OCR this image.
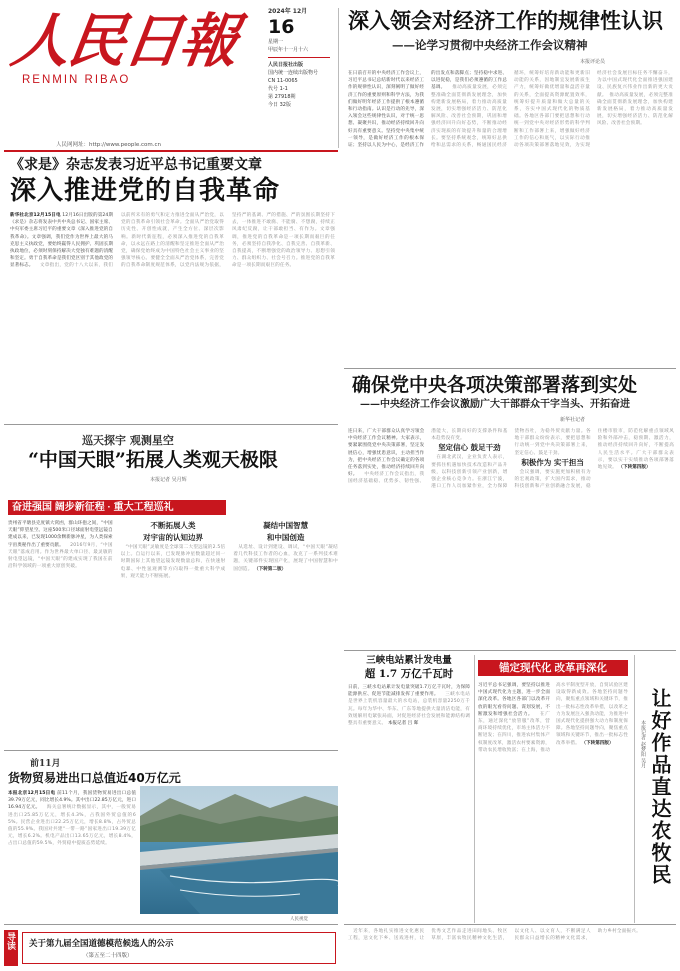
人民日報
RENMIN RIBAO
人民网网址：http://www.people.com.cn
2024年 12月
16
星期一
甲辰年十一月十六
人民日报社出版
国内统一连续出版物号
CN 11-0065
代号 1-1
第 27918期
今日 32版
深入领会对经济工作的规律性认识
——论学习贯彻中央经济工作会议精神
本报评论员
在日前召开的中央经济工作会议上，习近平总书记总结新时代以来经济工作的规律性认识，深刻阐明了做好经济工作的重要原则和科学方法，为我们做好明年经济工作提供了根本遵循和行动指南。认识是行动的先导，深入领会这些规律性认识，对于统一思想、凝聚共识，推动经济持续回升向好具有重要意义。坚持党中央集中统一领导，是做好经济工作的根本保证；坚持以人民为中心，是经济工作的出发点和落脚点；坚持稳中求进、以进促稳，是我们必须遵循的工作总基调。 　推动高质量发展，必须完整准确全面贯彻新发展理念，加快构建新发展格局，着力推动高质量发展，切实增强经济活力、防范化解风险、改善社会预期，巩固和增强经济回升向好态势，不断推动经济实现质的有效提升和量的合理增长。要坚持系统观念，统筹好总供给和总需求的关系，畅通国民经济循环，统筹好培育新动能和更新旧动能的关系，因地制宜发展新质生产力，统筹好做优增量和盘活存量的关系，全面提高资源配置效率，统筹好提升质量和做大总量的关系，夯实中国式现代化的物质基础。各地区各部门要把思想和行动统一到党中央对经济形势的科学判断和工作部署上来，增强做好经济工作的信心和底气，以实际行动推动各项决策部署落地见效，为实现经济社会发展目标任务不懈奋斗，为以中国式现代化全面推进强国建设、民族复兴伟业作出新的更大贡献。　推动高质量发展，必须完整准确全面贯彻新发展理念，加快构建新发展格局，着力推动高质量发展，切实增强经济活力、防范化解风险、改善社会预期。
《求是》杂志发表习近平总书记重要文章
深入推进党的自我革命
新华社北京12月15日电 12月16日出版的第24期《求是》杂志将发表中共中央总书记、国家主席、中央军委主席习近平的重要文章《深入推进党的自我革命》。文章强调，我们党作为世界上最大的马克思主义执政党，要始终赢得人民拥护、巩固长期执政地位，必须时刻保持解决大党独有难题的清醒和坚定。勇于自我革命是我们党区别于其他政党的显著标志。 　文章指出，党的十八大以来，我们以前所未有的勇气和定力推进全面从严治党，以党的自我革命引领社会革命。全面从严治党取得历史性、开创性成就，产生全方位、深层次影响。新时代新征程，必须深入推进党的自我革命，以永远在路上的清醒和坚定推进全面从严治党，确保党始终成为中国特色社会主义事业的坚强领导核心。要健全全面从严治党体系，完善党的自我革命制度规范体系，以党内法规为依据，坚持严的基调、严的措施、严的氛围长期坚持下去，一体推进不敢腐、不能腐、不想腐，持续正风肃纪反腐，让干部敢担当、有作为。文章强调，推进党的自我革命是一项长期而艰巨的任务，必须坚持自我净化、自我完善、自我革新、自我提高，不断增强党的政治领导力、思想引领力、群众组织力、社会号召力。推进党的自我革命是一项长期而艰巨的任务。
巡天探宇 观测星空
“中国天眼”拓展人类观天极限
本报记者 吴月辉
奋进强国 阔步新征程 · 重大工程巡礼
贵州省平塘县克度镇大窝凼，群山环抱之间，“中国天眼”仰望星空。这座500米口径球面射电望远镜自建成以来，已发现1000余颗新脉冲星，为人类探索宇宙奥秘作出了重要贡献。 　2016年9月，“中国天眼”落成启用。作为世界最大单口径、最灵敏的射电望远镜，“中国天眼”的建成实现了我国在前沿科学领域的一项重大原创突破。
不断拓展人类
对宇宙的认知边界
　“中国天眼”灵敏度是全球第二大望远镜的2.5倍以上。自运行以来，已发现脉冲星数量超过同一时期国际上其他望远镜发现数量总和，在快速射电暴、中性氢观测等方向取得一批重大科学成果，观天能力不断拓展。
凝结中国智慧
和中国创造
　从选址、设计到建设、调试，“中国天眼”凝结着几代科技工作者的心血，攻克了一系列技术难题，关键部件实现国产化，展现了中国智慧和中国创造。 （下转第二版）
前11月
货物贸易进出口总值近40万亿元
本报北京12月15日电 前11个月，我国货物贸易进出口总值39.79万亿元，同比增长4.9%。其中出口22.85万亿元，进口16.94万亿元。 　海关总署统计数据显示，其中，一般贸易进出口25.85万亿元，增长4.3%，占我国外贸总值的65%。民营企业进出口22.25万亿元，增长8.8%，占外贸总值的55.9%。我国对共建“一带一路”国家进出口19.39万亿元，增长6.2%。机电产品出口13.65万亿元，增长8.4%，占出口总值的59.5%，外贸稳中提质态势延续。
人民视觉
导读	关于第九届全国道德模范候选人的公示
（第五至二十四版）
确保党中央各项决策部署落到实处
——中央经济工作会议激励广大干部群众干字当头、开拓奋进
新华社记者
连日来，广大干部群众认真学习领会中央经济工作会议精神。大家表示，要紧紧围绕党中央决策部署，坚定发展信心，增强忧患意识，主动担当作为，把中央经济工作会议确定的各项任务落到实处，推动经济持续回升向好。 　中央经济工作会议指出，我国经济基础稳、优势多、韧性强、潜能大，长期向好的支撑条件和基本趋势没有变。
坚定信心 鼓足干劲
　在湖北武汉，企业负责人表示，要抓住机遇加快技术改造和产品升级，以科技创新引领产业创新，增强企业核心竞争力。在浙江宁波，港口工作人员加紧作业，全力保障货物吞吐，为稳外贸贡献力量。各地干部群众纷纷表示，要把思想和行动统一到党中央决策部署上来，坚定信心、鼓足干劲。
积极作为 实干担当
　会议强调，要实施更加积极有为的宏观政策，扩大国内需求，推动科技创新和产业创新融合发展，稳住楼市股市，防范化解重点领域风险和外部冲击，稳预期、激活力，推动经济持续回升向好，不断提高人民生活水平。广大干部群众表示，要以实干实绩推动各项部署落地见效。 （下转第四版）
三峡电站累计发电量
超 1.7 万亿千瓦时
日前，三峡水电站累计发电量突破1.7万亿千瓦时，为保障能源供应、促进节能减排发挥了重要作用。 　三峡水电站是世界上装机容量最大的水电站，总装机容量2250万千瓦。每年为华中、华东、广东等地提供大量清洁电能，有效缓解用电紧张局面，对促进经济社会发展和能源结构调整具有重要意义。 本报记者 吕 晖
锚定现代化 改革再深化
习近平总书记强调，要坚持以推进中国式现代化为主题，进一步全面深化改革。各地区各部门以改革开放的眼光看待问题、谋划发展，不断激发和增强社会活力。 　在广东，通过深化“放管服”改革，营商环境持续优化，市场主体活力不断迸发；在四川，推进农村集体产权制度改革，激活农村要素资源，带动农民增收致富；在上海，推动高水平制度型开放，自贸试验区建设取得新成效。各地坚持问题导向，聚焦重点领域和关键环节，推出一批标志性改革举措，以改革之力为发展注入强劲动能，为推进中国式现代化提供强大动力和制度保障。各地坚持问题导向，聚焦重点领域和关键环节，推出一批标志性改革举措。 （下转第四版）	让好作品直达农牧民
本报记者 赵梦阳 吴月
　近年来，各地扎实推进文化惠民工程，送文化下乡、送戏进村，让优秀文艺作品走进田间地头、牧区草原，丰富农牧民精神文化生活，以文化人、以文育人，不断满足人民群众日益增长的精神文化需求，助力乡村全面振兴。
